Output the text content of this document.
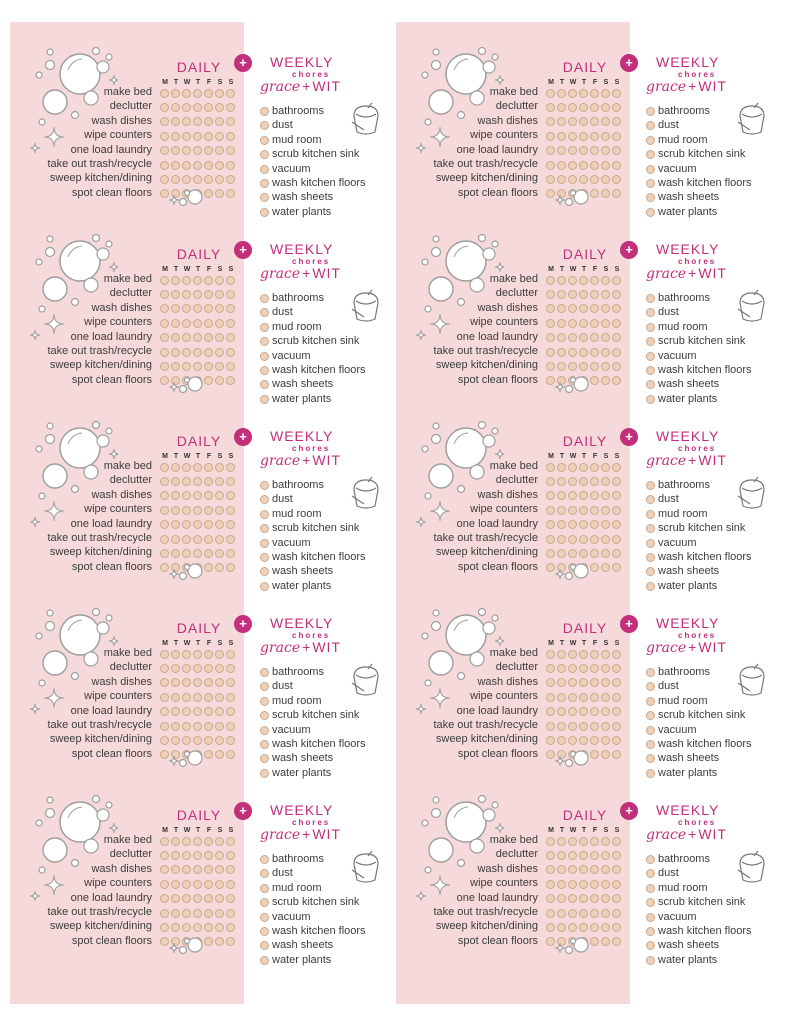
DAILY
M T W T F S S
make bed
declutter
wash dishes
wipe counters
one load laundry
take out trash/recycle
sweep kitchen/dining
spot clean floors
+	WEEKLY
chores
grace + WIT
bathrooms
dust
mud room
scrub kitchen sink
vacuum
wash kitchen floors
wash sheets
water plants
DAILY
M T W T F S S
make bed
declutter
wash dishes
wipe counters
one load laundry
take out trash/recycle
sweep kitchen/dining
spot clean floors
+	WEEKLY
chores
grace + WIT
bathrooms
dust
mud room
scrub kitchen sink
vacuum
wash kitchen floors
wash sheets
water plants
DAILY
M T W T F S S
make bed
declutter
wash dishes
wipe counters
one load laundry
take out trash/recycle
sweep kitchen/dining
spot clean floors
+	WEEKLY
chores
grace + WIT
bathrooms
dust
mud room
scrub kitchen sink
vacuum
wash kitchen floors
wash sheets
water plants
DAILY
M T W T F S S
make bed
declutter
wash dishes
wipe counters
one load laundry
take out trash/recycle
sweep kitchen/dining
spot clean floors
+	WEEKLY
chores
grace + WIT
bathrooms
dust
mud room
scrub kitchen sink
vacuum
wash kitchen floors
wash sheets
water plants
DAILY
M T W T F S S
make bed
declutter
wash dishes
wipe counters
one load laundry
take out trash/recycle
sweep kitchen/dining
spot clean floors
+	WEEKLY
chores
grace + WIT
bathrooms
dust
mud room
scrub kitchen sink
vacuum
wash kitchen floors
wash sheets
water plants
DAILY
M T W T F S S
make bed
declutter
wash dishes
wipe counters
one load laundry
take out trash/recycle
sweep kitchen/dining
spot clean floors
+	WEEKLY
chores
grace + WIT
bathrooms
dust
mud room
scrub kitchen sink
vacuum
wash kitchen floors
wash sheets
water plants
DAILY
M T W T F S S
make bed
declutter
wash dishes
wipe counters
one load laundry
take out trash/recycle
sweep kitchen/dining
spot clean floors
+	WEEKLY
chores
grace + WIT
bathrooms
dust
mud room
scrub kitchen sink
vacuum
wash kitchen floors
wash sheets
water plants
DAILY
M T W T F S S
make bed
declutter
wash dishes
wipe counters
one load laundry
take out trash/recycle
sweep kitchen/dining
spot clean floors
+	WEEKLY
chores
grace + WIT
bathrooms
dust
mud room
scrub kitchen sink
vacuum
wash kitchen floors
wash sheets
water plants
DAILY
M T W T F S S
make bed
declutter
wash dishes
wipe counters
one load laundry
take out trash/recycle
sweep kitchen/dining
spot clean floors
+	WEEKLY
chores
grace + WIT
bathrooms
dust
mud room
scrub kitchen sink
vacuum
wash kitchen floors
wash sheets
water plants
DAILY
M T W T F S S
make bed
declutter
wash dishes
wipe counters
one load laundry
take out trash/recycle
sweep kitchen/dining
spot clean floors
+	WEEKLY
chores
grace + WIT
bathrooms
dust
mud room
scrub kitchen sink
vacuum
wash kitchen floors
wash sheets
water plants
